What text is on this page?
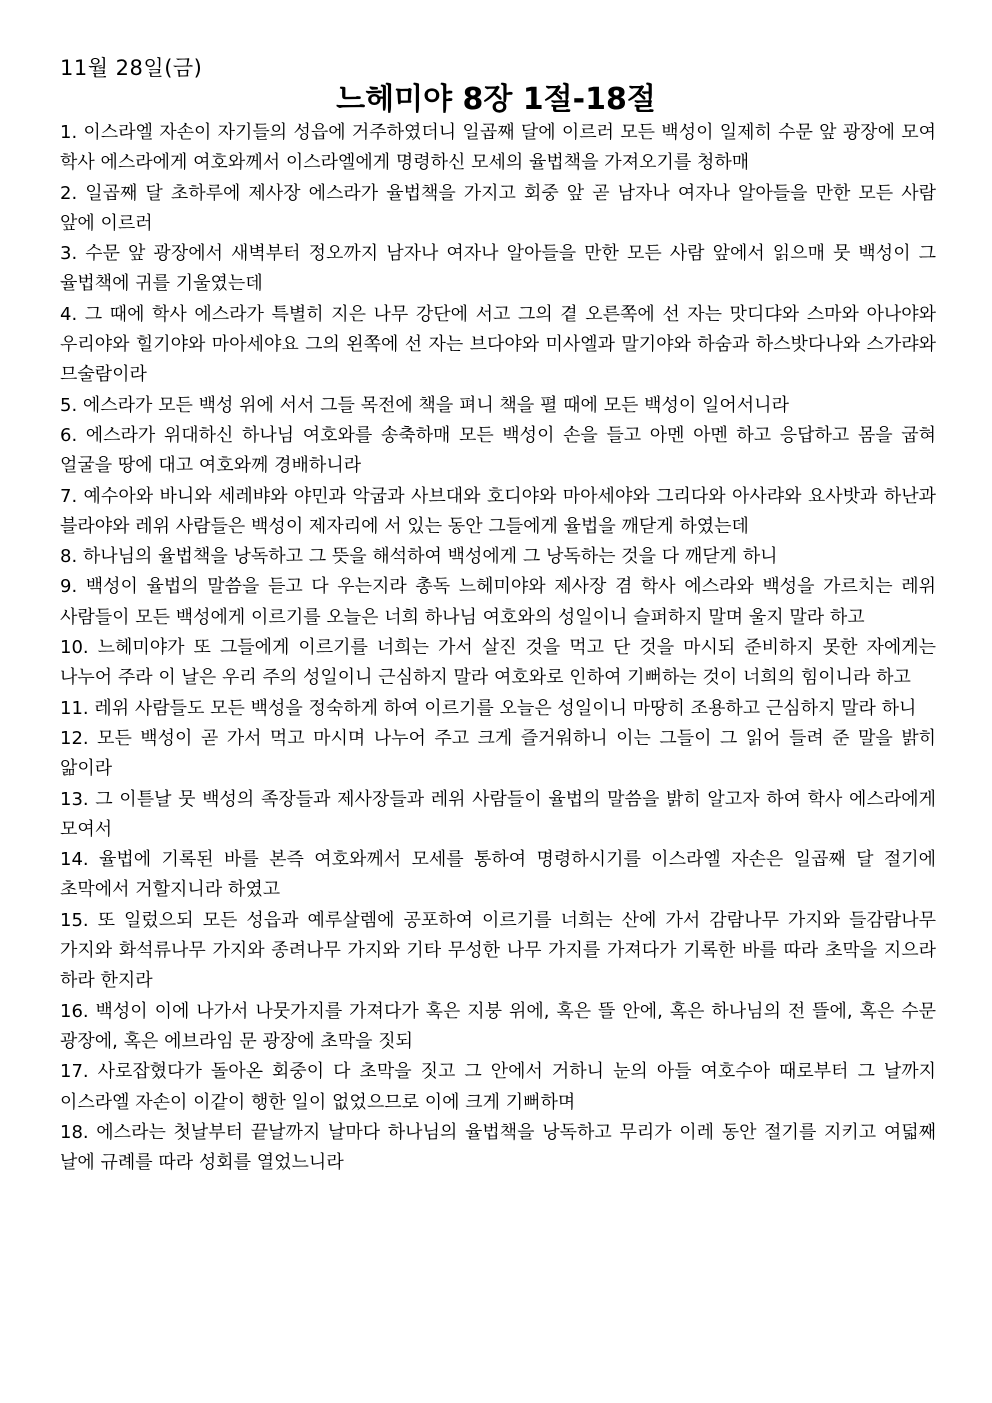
11월 28일(금)
느헤미야 8장 1절-18절

1. 이스라엘 자손이 자기들의 성읍에 거주하였더니 일곱째 달에 이르러 모든 백성이 일제히 수문 앞 광장에 모여 학사 에스라에게 여호와께서 이스라엘에게 명령하신 모세의 율법책을 가져오기를 청하매

2. 일곱째 달 초하루에 제사장 에스라가 율법책을 가지고 회중 앞 곧 남자나 여자나 알아들을 만한 모든 사람 앞에 이르러

3. 수문 앞 광장에서 새벽부터 정오까지 남자나 여자나 알아들을 만한 모든 사람 앞에서 읽으매 뭇 백성이 그 율법책에 귀를 기울였는데

4. 그 때에 학사 에스라가 특별히 지은 나무 강단에 서고 그의 곁 오른쪽에 선 자는 맛디댜와 스마와 아나야와 우리야와 힐기야와 마아세야요 그의 왼쪽에 선 자는 브다야와 미사엘과 말기야와 하숨과 하스밧다나와 스가랴와 므술람이라

5. 에스라가 모든 백성 위에 서서 그들 목전에 책을 펴니 책을 펼 때에 모든 백성이 일어서니라

6. 에스라가 위대하신 하나님 여호와를 송축하매 모든 백성이 손을 들고 아멘 아멘 하고 응답하고 몸을 굽혀 얼굴을 땅에 대고 여호와께 경배하니라

7. 예수아와 바니와 세레뱌와 야민과 악굽과 사브대와 호디야와 마아세야와 그리다와 아사랴와 요사밧과 하난과 블라야와 레위 사람들은 백성이 제자리에 서 있는 동안 그들에게 율법을 깨닫게 하였는데

8. 하나님의 율법책을 낭독하고 그 뜻을 해석하여 백성에게 그 낭독하는 것을 다 깨닫게 하니

9. 백성이 율법의 말씀을 듣고 다 우는지라 총독 느헤미야와 제사장 겸 학사 에스라와 백성을 가르치는 레위 사람들이 모든 백성에게 이르기를 오늘은 너희 하나님 여호와의 성일이니 슬퍼하지 말며 울지 말라 하고

10. 느헤미야가 또 그들에게 이르기를 너희는 가서 살진 것을 먹고 단 것을 마시되 준비하지 못한 자에게는 나누어 주라 이 날은 우리 주의 성일이니 근심하지 말라 여호와로 인하여 기뻐하는 것이 너희의 힘이니라 하고

11. 레위 사람들도 모든 백성을 정숙하게 하여 이르기를 오늘은 성일이니 마땅히 조용하고 근심하지 말라 하니

12. 모든 백성이 곧 가서 먹고 마시며 나누어 주고 크게 즐거워하니 이는 그들이 그 읽어 들려 준 말을 밝히 앎이라

13. 그 이튿날 뭇 백성의 족장들과 제사장들과 레위 사람들이 율법의 말씀을 밝히 알고자 하여 학사 에스라에게 모여서

14. 율법에 기록된 바를 본즉 여호와께서 모세를 통하여 명령하시기를 이스라엘 자손은 일곱째 달 절기에 초막에서 거할지니라 하였고

15. 또 일렀으되 모든 성읍과 예루살렘에 공포하여 이르기를 너희는 산에 가서 감람나무 가지와 들감람나무 가지와 화석류나무 가지와 종려나무 가지와 기타 무성한 나무 가지를 가져다가 기록한 바를 따라 초막을 지으라 하라 한지라

16. 백성이 이에 나가서 나뭇가지를 가져다가 혹은 지붕 위에, 혹은 뜰 안에, 혹은 하나님의 전 뜰에, 혹은 수문 광장에, 혹은 에브라임 문 광장에 초막을 짓되

17. 사로잡혔다가 돌아온 회중이 다 초막을 짓고 그 안에서 거하니 눈의 아들 여호수아 때로부터 그 날까지 이스라엘 자손이 이같이 행한 일이 없었으므로 이에 크게 기뻐하며

18. 에스라는 첫날부터 끝날까지 날마다 하나님의 율법책을 낭독하고 무리가 이레 동안 절기를 지키고 여덟째 날에 규례를 따라 성회를 열었느니라
